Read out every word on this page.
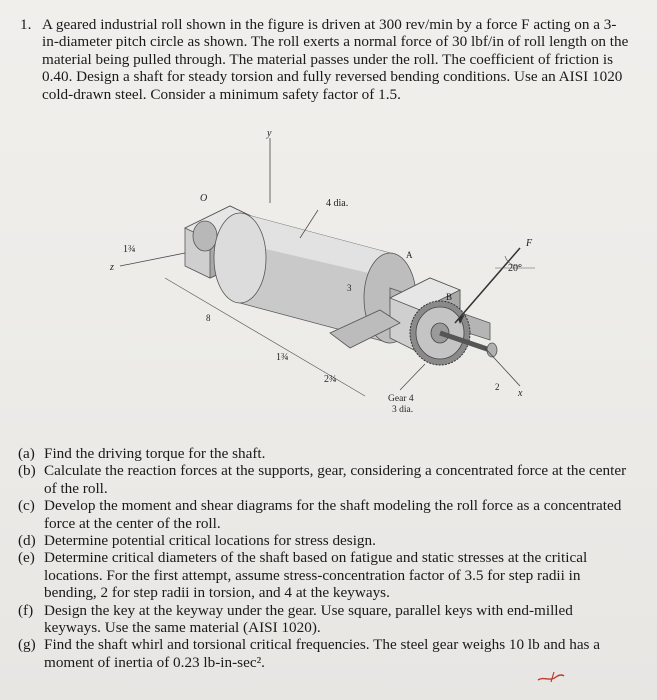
1. A geared industrial roll shown in the figure is driven at 300 rev/min by a force F acting on a 3-in-diameter pitch circle as shown. The roll exerts a normal force of 30 lbf/in of roll length on the material being pulled through. The material passes under the roll. The coefficient of friction is 0.40. Design a shaft for steady torsion and fully reversed bending conditions. Use an AISI 1020 cold-drawn steel. Consider a minimum safety factor of 1.5.
y
x
z
F
20°
O
A
B
4 dia.
1¾
8
3
1¾
2¾
2
Gear 4
3 dia.
(a) Find the driving torque for the shaft.
(b) Calculate the reaction forces at the supports, gear, considering a concentrated force at the center of the roll.
(c) Develop the moment and shear diagrams for the shaft modeling the roll force as a concentrated force at the center of the roll.
(d) Determine potential critical locations for stress design.
(e) Determine critical diameters of the shaft based on fatigue and static stresses at the critical locations. For the first attempt, assume stress-concentration factor of 3.5 for step radii in bending, 2 for step radii in torsion, and 4 at the keyways.
(f) Design the key at the keyway under the gear. Use square, parallel keys with end-milled keyways. Use the same material (AISI 1020).
(g) Find the shaft whirl and torsional critical frequencies. The steel gear weighs 10 lb and has a moment of inertia of 0.23 lb-in-sec².
